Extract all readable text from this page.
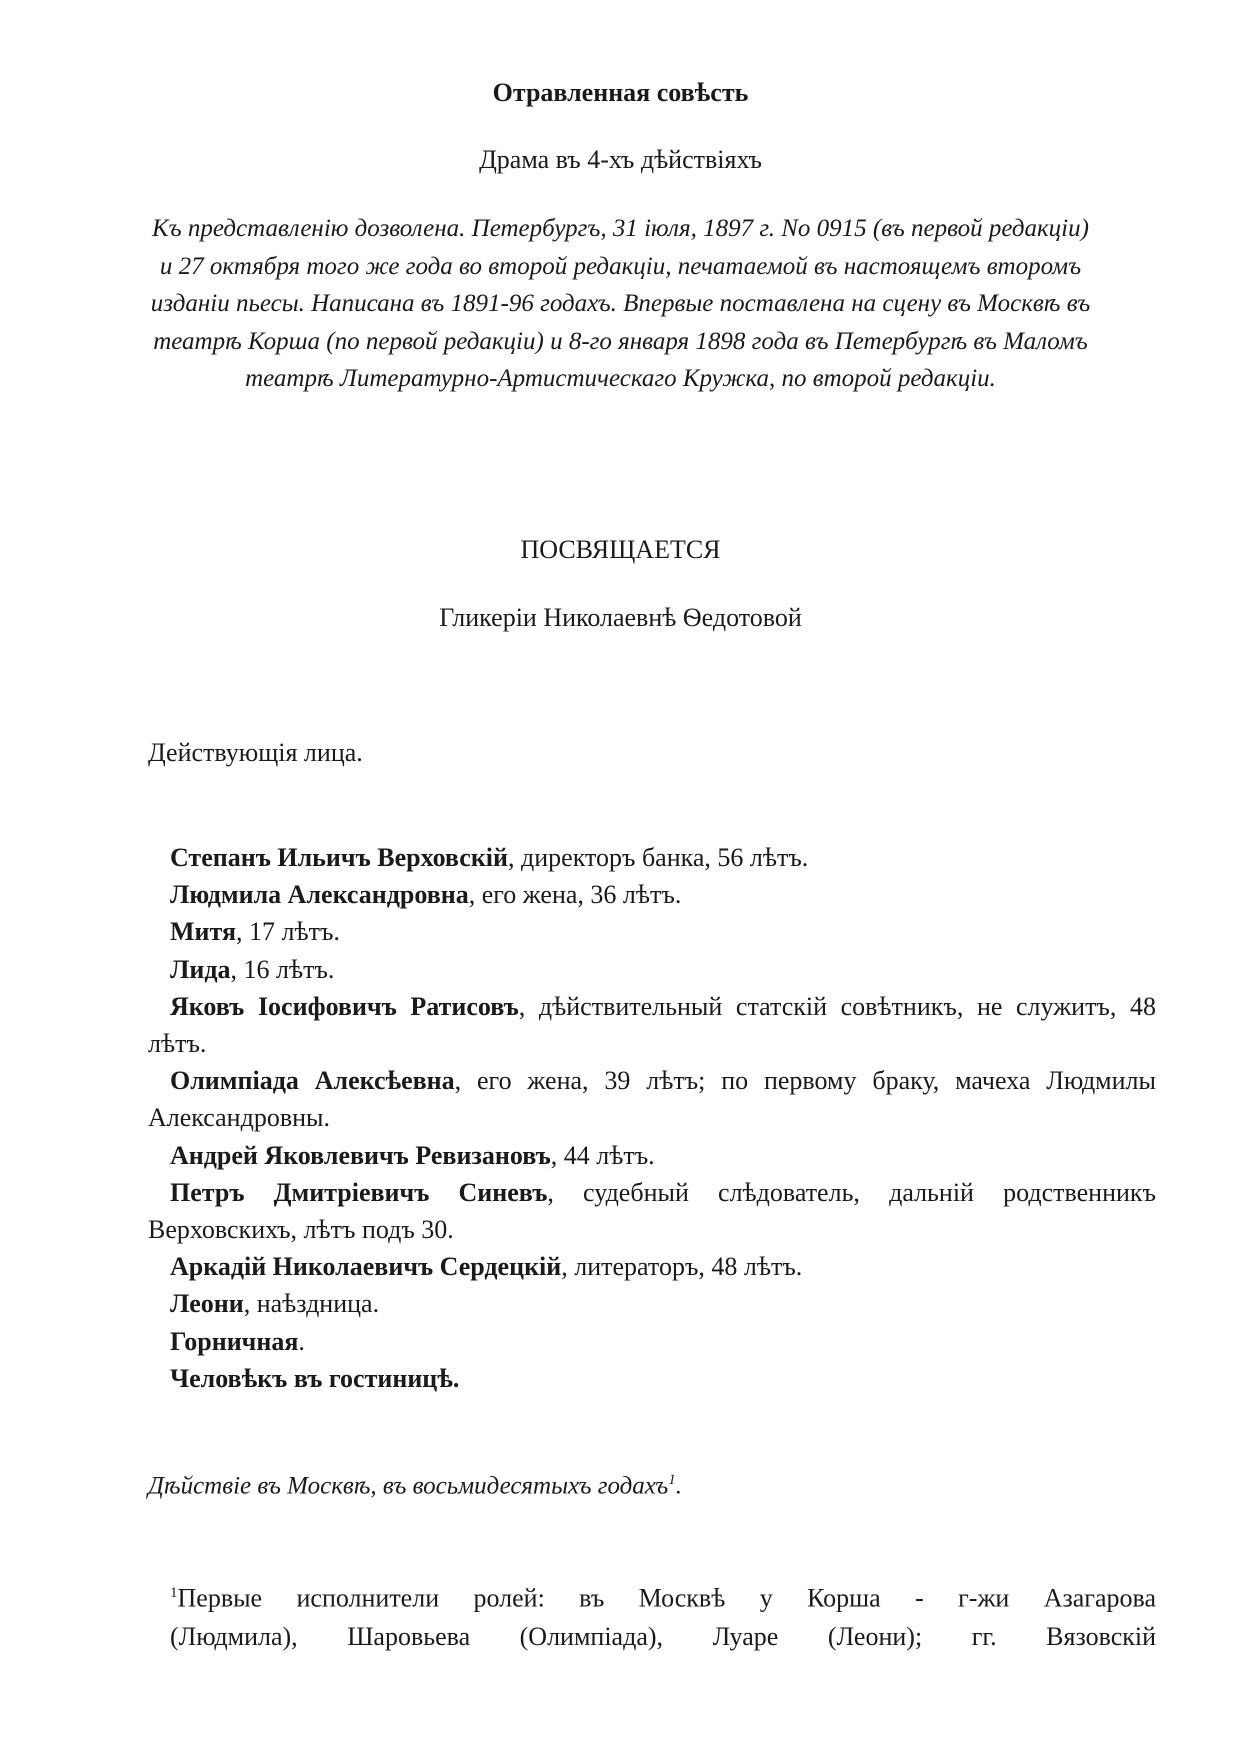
Отравленная совѣсть
Драма въ 4-хъ дѣйствіяхъ
Къ представленію дозволена. Петербургъ, 31 іюля, 1897 г. No 0915 (въ первой редакціи) и 27 октября того же года во второй редакціи, печатаемой въ настоящемъ второмъ изданіи пьесы. Написана въ 1891-96 годахъ. Впервые поставлена на сцену въ Москвѣ въ театрѣ Корша (по первой редакціи) и 8-го января 1898 года въ Петербургѣ въ Маломъ театрѣ Литературно-Артистическаго Кружка, по второй редакціи.
ПОСВЯЩАЕТСЯ
Гликеріи Николаевнѣ Ѳедотовой
Действующія лица.

Степанъ Ильичъ Верховскій, директоръ банка, 56 лѣтъ.

Людмила Александровна, его жена, 36 лѣтъ.

Митя, 17 лѣтъ.

Лида, 16 лѣтъ.

Яковъ Іосифовичъ Ратисовъ, дѣйствительный статскій совѣтникъ, не служитъ, 48 лѣтъ.

Олимпіада Алексѣевна, его жена, 39 лѣтъ; по первому браку, мачеха Людмилы Александровны.

Андрей Яковлевичъ Ревизановъ, 44 лѣтъ.

Петръ Дмитріевичъ Синевъ, судебный слѣдователь, дальній родственникъ Верховскихъ, лѣтъ подъ 30.

Аркадій Николаевичъ Сердецкій, литераторъ, 48 лѣтъ.

Леони, наѣздница.

Горничная.

Человѣкъ въ гостиницѣ.

Дѣйствіе въ Москвѣ, въ восьмидесятыхъ годахъ$^1$.

$^1$Первые исполнители ролей: въ Москвѣ у Корша - г-жи Азагарова

(Людмила), Шаровьева (Олимпіада), Луаре (Леони); гг. Вязовскій
